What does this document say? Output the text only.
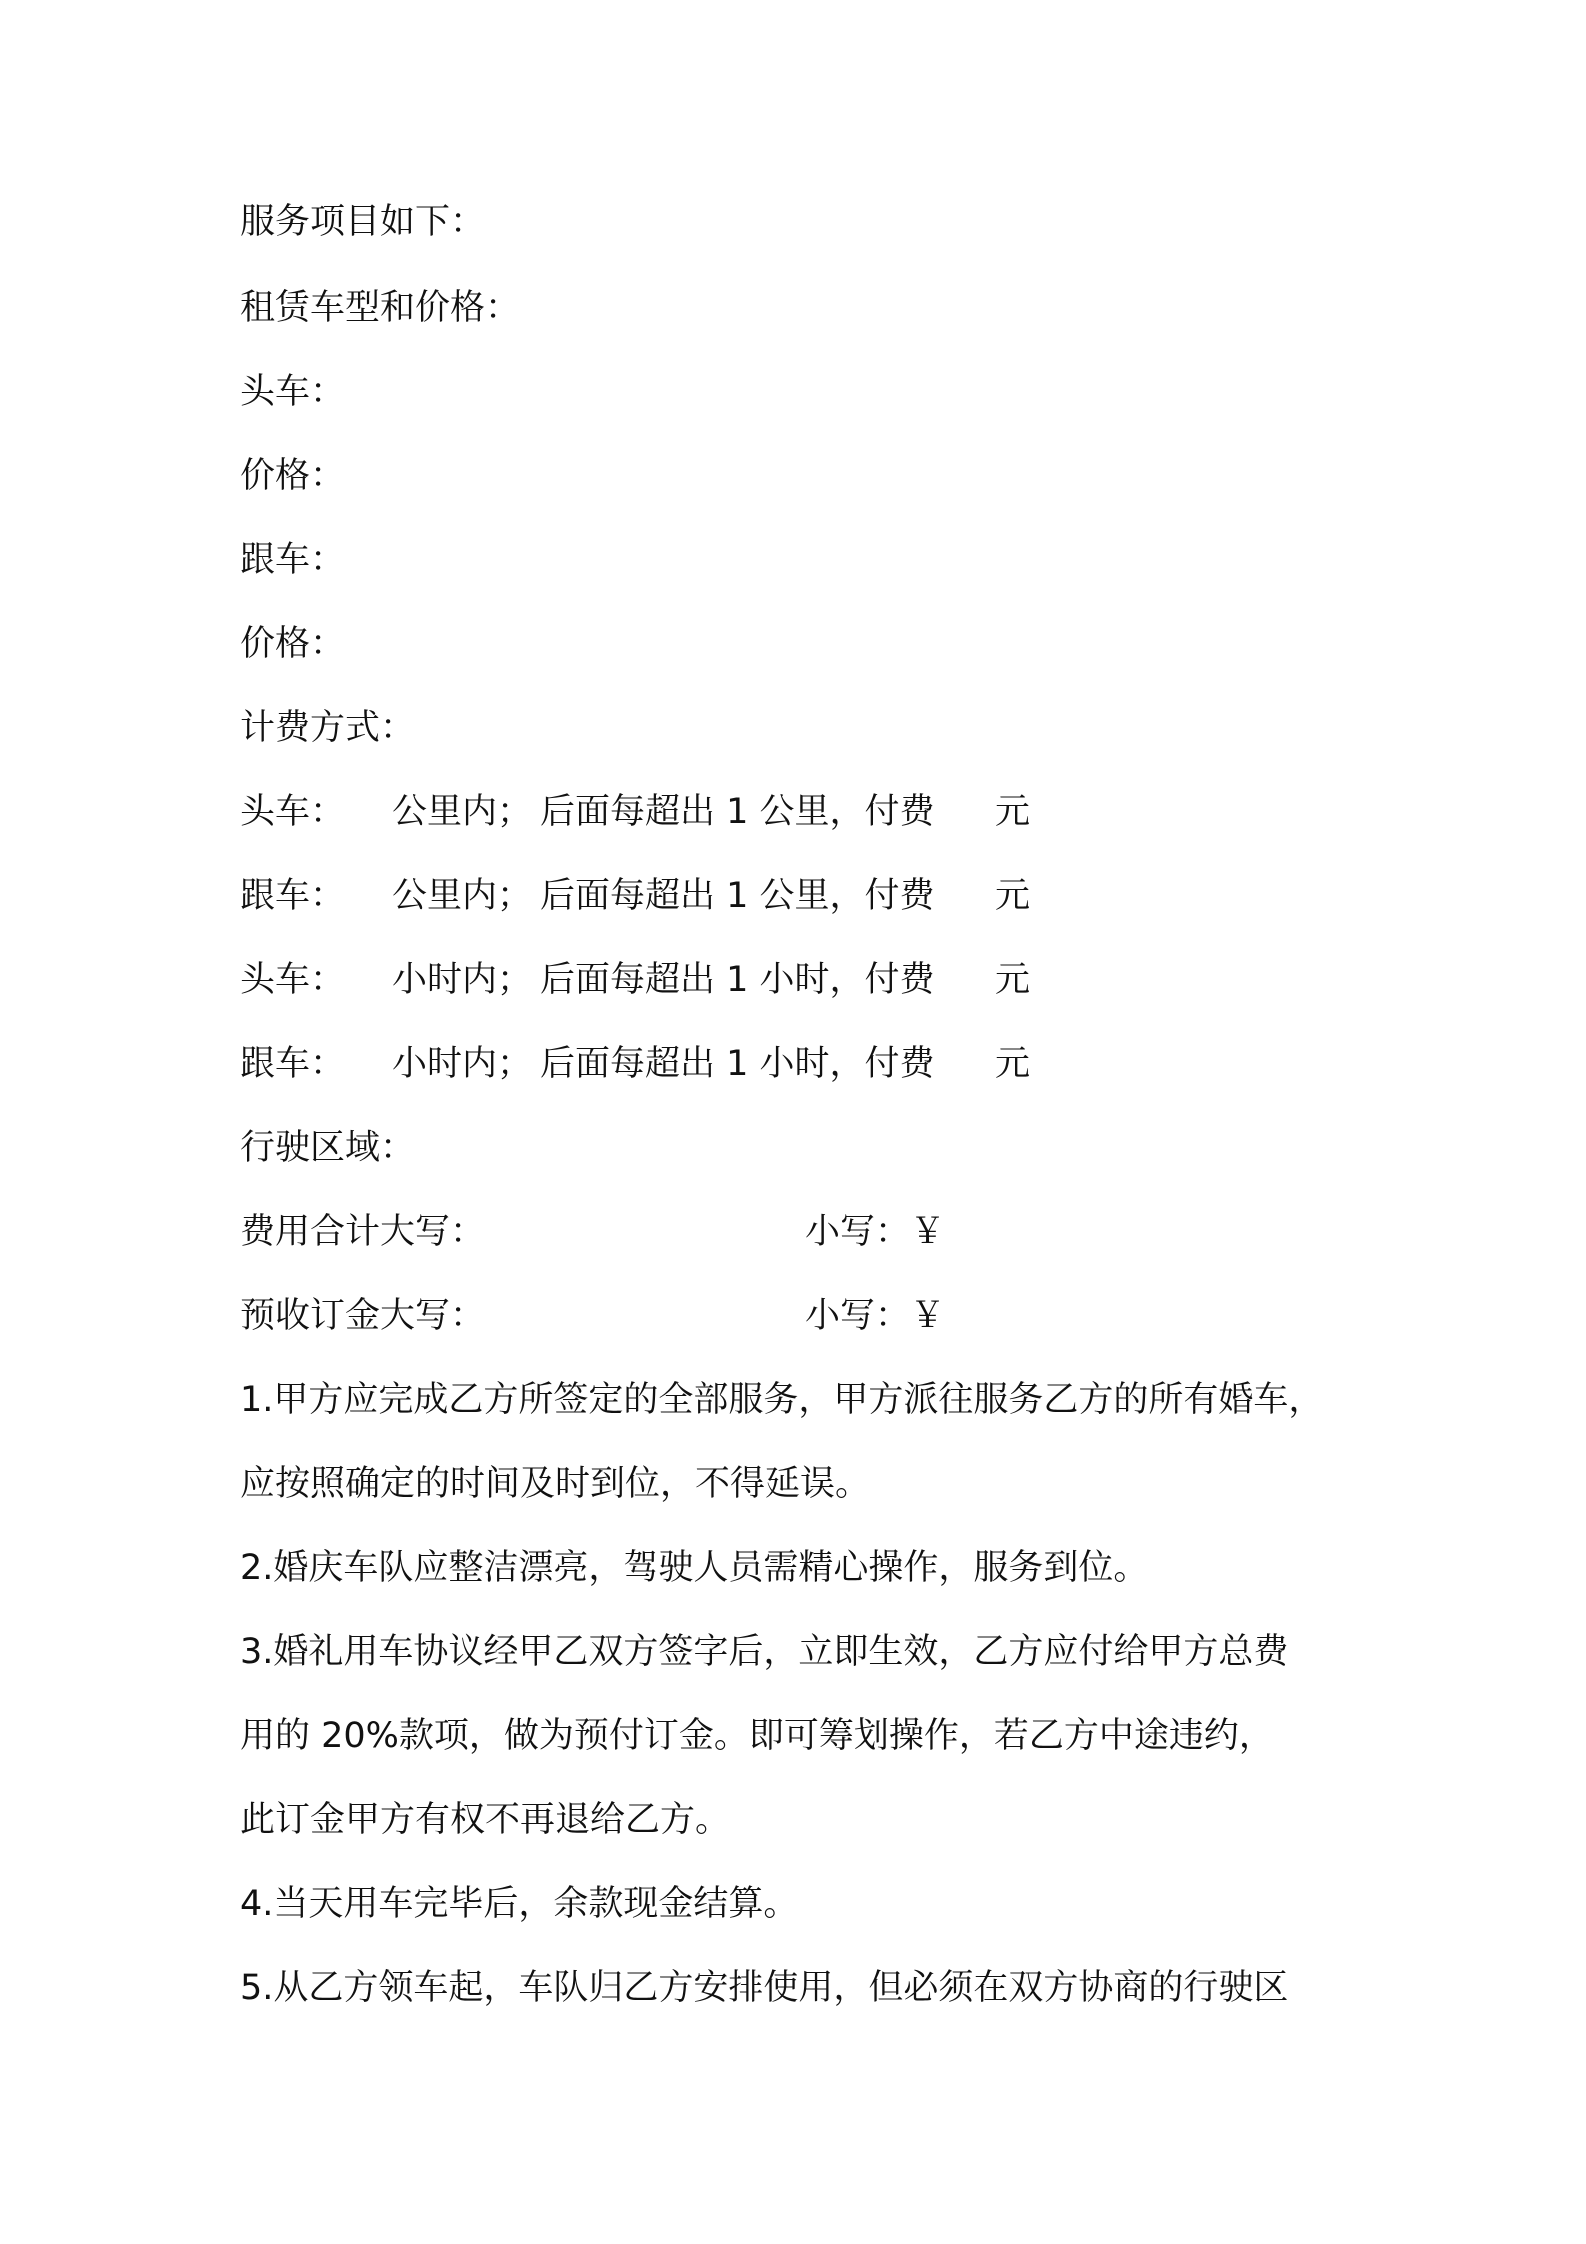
服务项目如下：
租赁车型和价格：
头车：
价格：
跟车：
价格：
计费方式：

头车：

公里内；

后面每超出 1 公里，付费

元

跟车：

公里内；

后面每超出 1 公里，付费

元

头车：

小时内；

后面每超出 1 小时，付费

元

跟车：

小时内；

后面每超出 1 小时，付费

元

行驶区域：

费用合计大写：

	小写：￥

预收订金大写：

	小写：￥

1.甲方应完成乙方所签定的全部服务，甲方派往服务乙方的所有婚车，
应按照确定的时间及时到位，不得延误。
2.婚庆车队应整洁漂亮，驾驶人员需精心操作，服务到位。
3.婚礼用车协议经甲乙双方签字后，立即生效，乙方应付给甲方总费
用的 20%款项，做为预付订金。即可筹划操作，若乙方中途违约，
此订金甲方有权不再退给乙方。
4.当天用车完毕后，余款现金结算。
5.从乙方领车起，车队归乙方安排使用，但必须在双方协商的行驶区
